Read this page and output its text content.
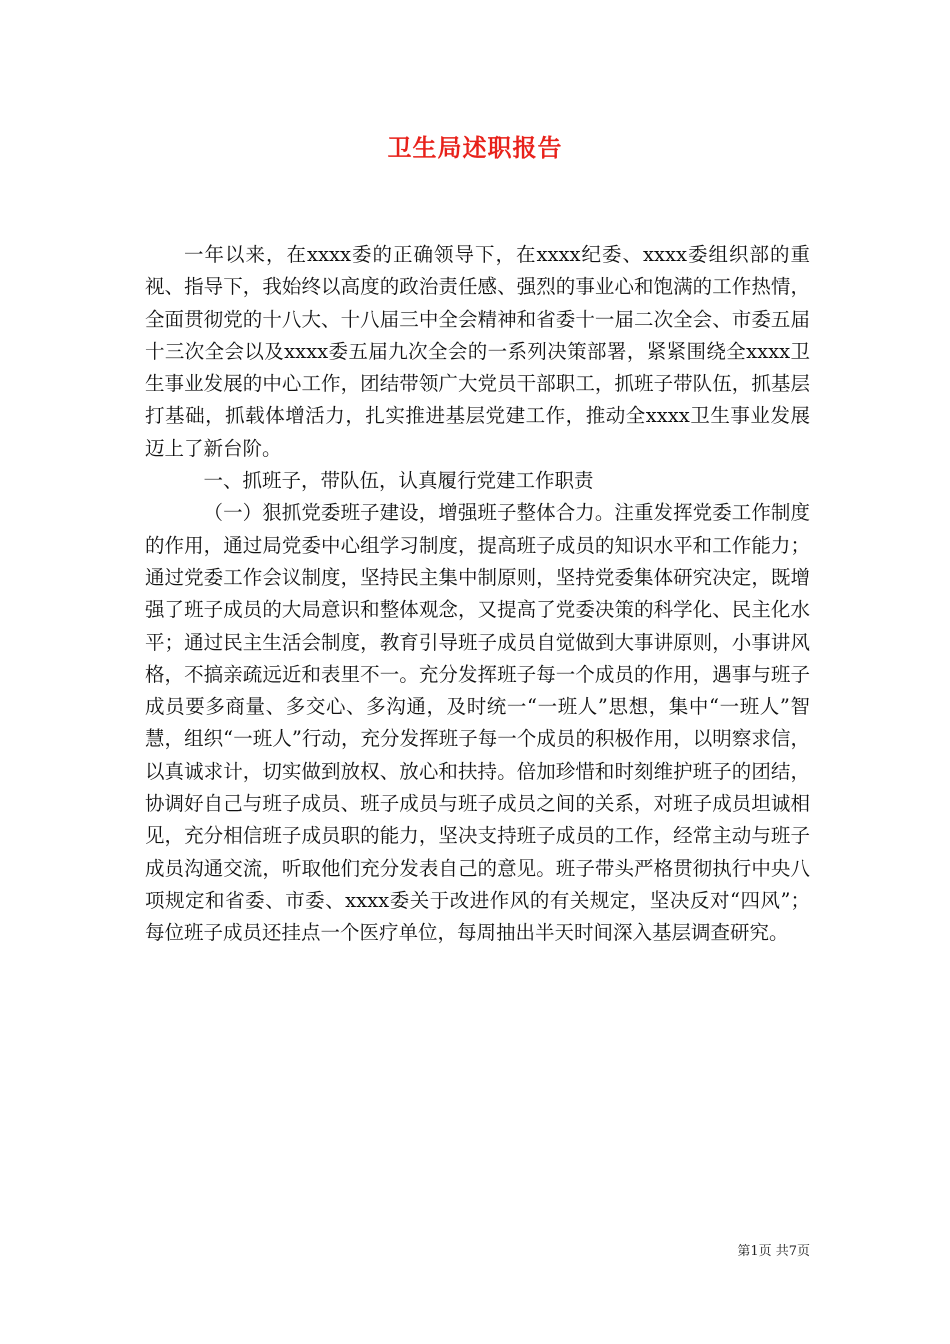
卫生局述职报告

一年以来，在xxxx委的正确领导下，在xxxx纪委、xxxx委组织部的重视、指导下，我始终以高度的政治责任感、强烈的事业心和饱满的工作热情，全面贯彻党的十八大、十八届三中全会精神和省委十一届二次全会、市委五届十三次全会以及xxxx委五届九次全会的一系列决策部署，紧紧围绕全xxxx卫生事业发展的中心工作，团结带领广大党员干部职工，抓班子带队伍，抓基层打基础，抓载体增活力，扎实推进基层党建工作，推动全xxxx卫生事业发展迈上了新台阶。

一、抓班子，带队伍，认真履行党建工作职责

（一）狠抓党委班子建设，增强班子整体合力。注重发挥党委工作制度的作用，通过局党委中心组学习制度，提高班子成员的知识水平和工作能力；通过党委工作会议制度，坚持民主集中制原则，坚持党委集体研究决定，既增强了班子成员的大局意识和整体观念，又提高了党委决策的科学化、民主化水平；通过民主生活会制度，教育引导班子成员自觉做到大事讲原则，小事讲风格，不搞亲疏远近和表里不一。充分发挥班子每一个成员的作用，遇事与班子成员要多商量、多交心、多沟通，及时统一“一班人”思想，集中“一班人”智慧，组织“一班人”行动，充分发挥班子每一个成员的积极作用，以明察求信，以真诚求计，切实做到放权、放心和扶持。倍加珍惜和时刻维护班子的团结，协调好自己与班子成员、班子成员与班子成员之间的关系，对班子成员坦诚相见，充分相信班子成员职的能力，坚决支持班子成员的工作，经常主动与班子成员沟通交流，听取他们充分发表自己的意见。班子带头严格贯彻执行中央八项规定和省委、市委、xxxx委关于改进作风的有关规定，坚决反对“四风”；每位班子成员还挂点一个医疗单位，每周抽出半天时间深入基层调查研究。

第1页 共7页
